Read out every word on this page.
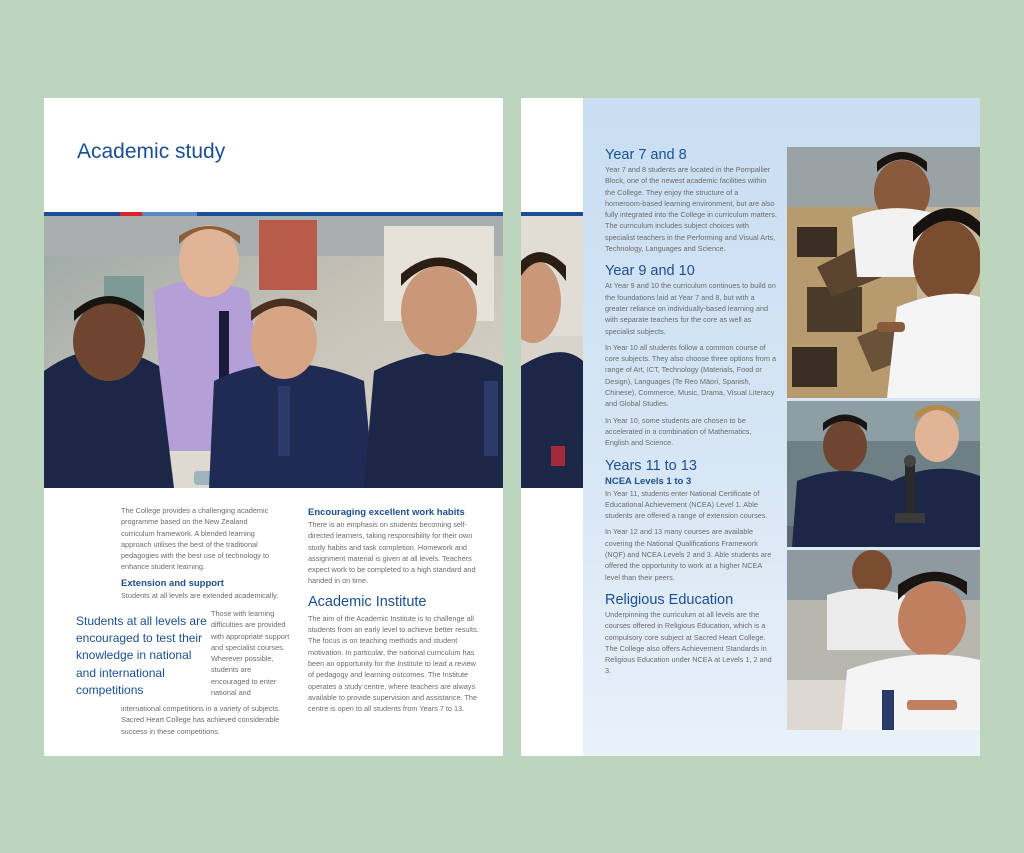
Academic study

The College provides a challenging academic programme based on the New Zealand curriculum framework. A blended learning approach utilises the best of the traditional pedagogies with the best use of technology to enhance student learning.

Extension and support

Students at all levels are extended academically.

Students at all levels are encouraged to test their knowledge in national and international competitions

Those with learning difficulties are provided with appropriate support and specialist courses. Wherever possible, students are encouraged to enter national and

international competitions in a variety of subjects. Sacred Heart College has achieved considerable success in these competitions.

Encouraging excellent work habits

There is an emphasis on students becoming self-directed learners, taking responsibility for their own study habits and task completion. Homework and assignment material is given at all levels. Teachers expect work to be completed to a high standard and handed in on time.

Academic Institute

The aim of the Academic Institute is to challenge all students from an early level to achieve better results. The focus is on teaching methods and student motivation. In particular, the national curriculum has been an opportunity for the Institute to lead a review of pedagogy and learning outcomes. The Institute operates a study centre, where teachers are always available to provide supervision and assistance. The centre is open to all students from Years 7 to 13.

Year 7 and 8

Year 7 and 8 students are located in the Pompallier Block, one of the newest academic facilities within the College. They enjoy the structure of a homeroom-based learning environment, but are also fully integrated into the College in curriculum matters. The curriculum includes subject choices with specialist teachers in the Performing and Visual Arts, Technology, Languages and Science.

Year 9 and 10

At Year 9 and 10 the curriculum continues to build on the foundations laid at Year 7 and 8, but with a greater reliance on individually-based learning and with separate teachers for the core as well as specialist subjects.

In Year 10 all students follow a common course of core subjects. They also choose three options from a range of Art, ICT, Technology (Materials, Food or Design), Languages (Te Reo Māori, Spanish, Chinese), Commerce, Music, Drama, Visual Literacy and Global Studies.

In Year 10, some students are chosen to be accelerated in a combination of Mathematics, English and Science.

Years 11 to 13
NCEA Levels 1 to 3

In Year 11, students enter National Certificate of Educational Achievement (NCEA) Level 1. Able students are offered a range of extension courses.

In Year 12 and 13 many courses are available covering the National Qualifications Framework (NQF) and NCEA Levels 2 and 3. Able students are offered the opportunity to work at a higher NCEA level than their peers.

Religious Education

Underpinning the curriculum at all levels are the courses offered in Religious Education, which is a compulsory core subject at Sacred Heart College. The College also offers Achievement Standards in Religious Education under NCEA at Levels 1, 2 and 3.
